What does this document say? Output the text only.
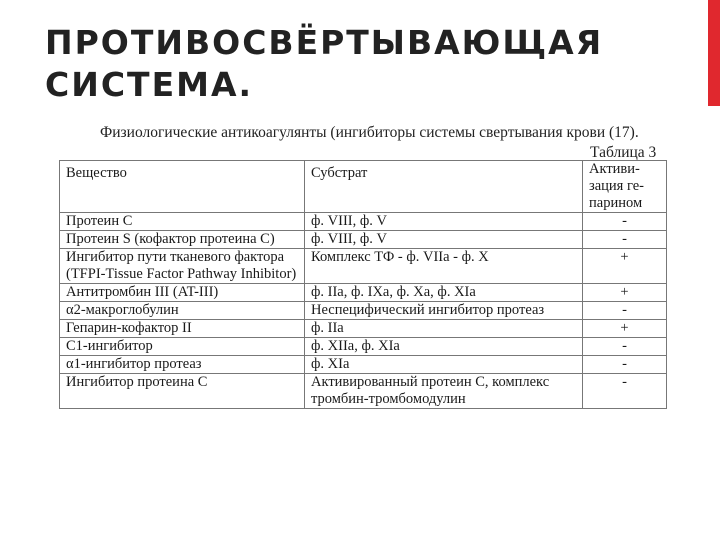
ПРОТИВОСВЁРТЫВАЮЩАЯ
СИСТЕМА.
Физиологические антикоагулянты (ингибиторы системы свертывания крови (17).
Таблица 3
Вещество	Субстрат	Активи-зация ге-парином
Протеин С	ф. VIII, ф. V	-
Протеин S (кофактор протеина С)	ф. VIII, ф. V	-
Ингибитор пути тканевого фактора (TFPI-Tissue Factor Pathway Inhibitor)	Комплекс ТФ - ф. VIIa - ф. X	+
Антитромбин III (AT-III)	ф. IIa, ф. IXa, ф. Xa, ф. XIa	+
α2-макроглобулин	Неспецифический ингибитор протеаз	-
Гепарин-кофактор II	ф. IIa	+
С1-ингибитор	ф. XIIa, ф. XIa	-
α1-ингибитор протеаз	ф. XIa	-
Ингибитор протеина С	Активированный протеин С, комплекс тромбин-тромбомодулин	-
